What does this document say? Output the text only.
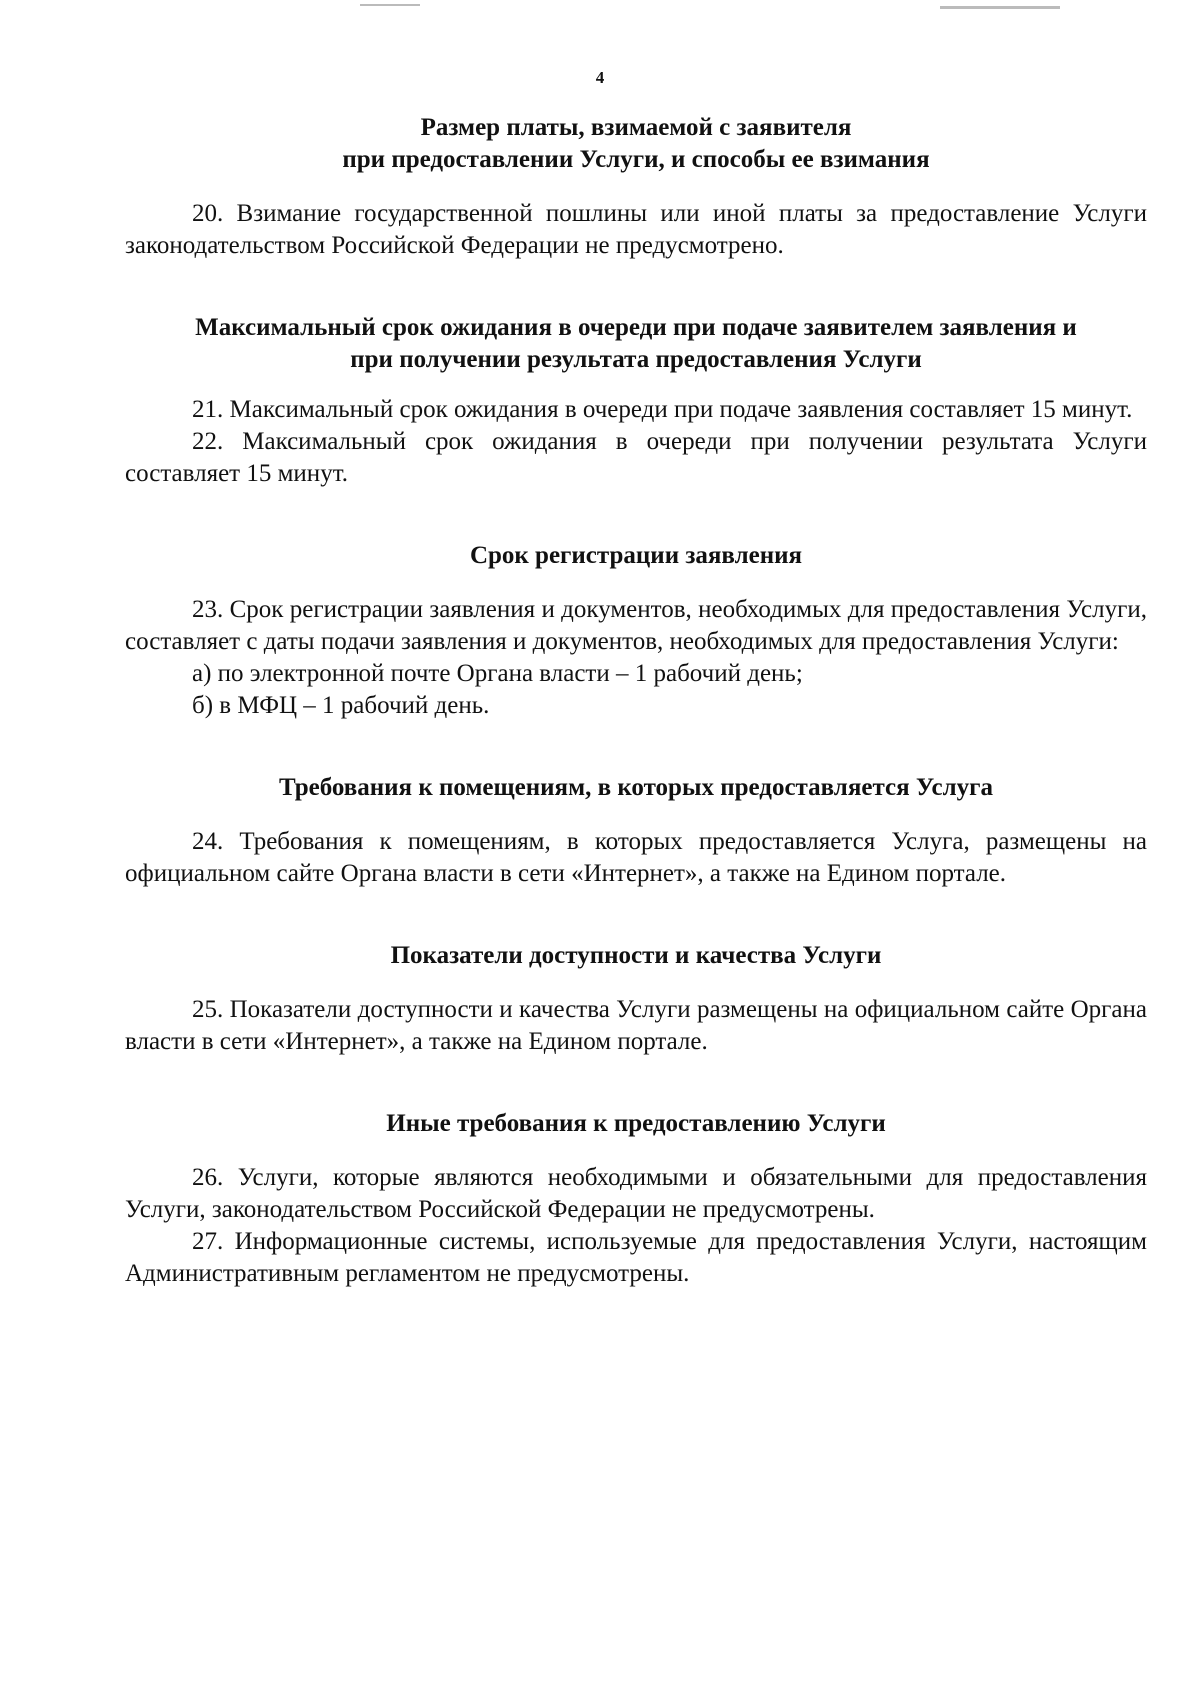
4

Размер платы, взимаемой с заявителя

при предоставлении Услуги, и способы ее взимания

20. Взимание государственной пошлины или иной платы за предоставление Услуги законодательством Российской Федерации не предусмотрено.

Максимальный срок ожидания в очереди при подаче заявителем заявления и

при получении результата предоставления Услуги

21. Максимальный срок ожидания в очереди при подаче заявления составляет 15 минут.

22. Максимальный срок ожидания в очереди при получении результата Услуги составляет 15 минут.

Срок регистрации заявления

23. Срок регистрации заявления и документов, необходимых для предоставления Услуги, составляет с даты подачи заявления и документов, необходимых для предоставления Услуги:

а) по электронной почте Органа власти – 1 рабочий день;

б) в МФЦ – 1 рабочий день.

Требования к помещениям, в которых предоставляется Услуга

24. Требования к помещениям, в которых предоставляется Услуга, размещены на официальном сайте Органа власти в сети «Интернет», а также на Едином портале.

Показатели доступности и качества Услуги

25. Показатели доступности и качества Услуги размещены на официальном сайте Органа власти в сети «Интернет», а также на Едином портале.

Иные требования к предоставлению Услуги

26. Услуги, которые являются необходимыми и обязательными для предоставления Услуги, законодательством Российской Федерации не предусмотрены.

27. Информационные системы, используемые для предоставления Услуги, настоящим Административным регламентом не предусмотрены.
